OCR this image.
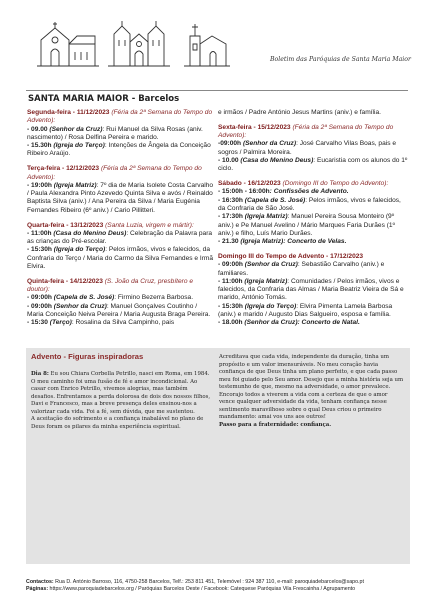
Boletim das Paróquias de Santa Maria Maior
SANTA MARIA MAIOR - Barcelos
Segunda-feira - 11/12/2023 (Féria da 2ª Semana do Tempo do Advento):
- 09.00 (Senhor da Cruz): Rui Manuel da Silva Rosas (aniv. nascimento) / Rosa Delfina Pereira e marido.
- 15.30h (Igreja do Terço): Intenções de Ângela da Conceição Ribeiro Araújo.
Terça-feira - 12/12/2023 (Féria da 2ª Semana do Tempo do Advento):
- 19:00h (Igreja Matriz): 7º dia de Maria Isolete Costa Carvalho / Paula Alexandra Pinto Azevedo Quinta Silva e avós / Reinaldo Baptista Silva (aniv.) / Ana Pereira da Silva / Maria Eugénia Fernandes Ribeiro (6º aniv.) / Cario Pillitteri.
Quarta-feira - 13/12/2023 (Santa Luzia, virgem e mártir):
- 11:00h (Casa do Menino Deus): Celebração da Palavra para as crianças do Pré-escolar.
- 15:30h (Igreja do Terço): Pelos irmãos, vivos e falecidos, da Confraria do Terço / Maria do Carmo da Silva Fernandes e Irmã Elvira.
Quinta-feira - 14/12/2023 (S. João da Cruz, presbítero e doutor):
- 09:00h (Capela de S. José): Firmino Bezerra Barbosa.
- 09:00h (Senhor da Cruz): Manuel Gonçalves Coutinho / Maria Conceição Neiva Pereira / Maria Augusta Braga Pereira.
- 15:30 (Terço): Rosalina da Silva Campinho, pais
e irmãos / Padre António Jesus Martins (aniv.) e família.
Sexta-feira - 15/12/2023 (Féria da 2ª Semana do Tempo do Advento):
-09:00h (Senhor da Cruz): José Carvalho Vilas Boas, pais e sogros / Palmira Moreira.
- 10.00 (Casa do Menino Deus): Eucaristia com os alunos do 1º ciclo.
Sábado - 16/12/2023 (Domingo III do Tempo do Advento):
- 15:00h - 16:00h: Confissões de Advento.
- 16:30h (Capela de S. José): Pelos irmãos, vivos e falecidos, da Confraria de São José.
- 17:30h (Igreja Matriz): Manuel Pereira Sousa Monteiro (9º aniv.) e Pe Manuel Avelino / Mário Marques Faria Durães (1º aniv.) e filho, Luís Mario Durães.
- 21.30 (Igreja Matriz): Concerto de Velas.
Domingo III do Tempo de Advento - 17/12/2023
- 09:00h (Senhor da Cruz): Sebastião Carvalho (aniv.) e familiares.
- 11:00h (Igreja Matriz): Comunidades / Pelos irmãos, vivos e falecidos, da Confraria das Almas / Maria Beatriz Vieira de Sá e marido, António Tomás.
- 15:30h (Igreja do Terço): Elvira Pimenta Lamela Barbosa (aniv.) e marido / Augusto Dias Salgueiro, esposa e família.
- 18.00h (Senhor da Cruz): Concerto de Natal.
Advento - Figuras inspiradoras
Dia 8: Eu sou Chiara Corbella Petrillo, nasci em Roma, em 1984. O meu caminho foi uma fusão de fé e amor incondicional. Ao casar com Enrico Petrillo, vivemos alegrias, mas também desafios. Enfrentamos a perda dolorosa de dois dos nossos filhos, Davi e Francesco, mas a breve presença deles ensinou-nos a valorizar cada vida. Foi a fé, sem dúvida, que me sustentou.
A aceitação do sofrimento e a confiança inabalável no plano de Deus foram os pilares da minha experiência espiritual.
Acreditava que cada vida, independente da duração, tinha um propósito e um valor imensuráveis. No meu coração havia confiança de que Deus tinha um plano perfeito, e que cada passo meu foi guiado pelo Seu amor. Desejo que a minha história seja um testemunho de que, mesmo na adversidade, o amor prevalece. Encorajo todos a viverem a vida com a certeza de que o amor vence qualquer adversidade da vida, tenham confiança nesse sentimento maravilhoso sobre o qual Deus criou o primeiro mandamento: amai vos uns aos outros!
Passo para a fraternidade: confiança.
Contactos: Rua D. António Barroso, 116, 4750-258 Barcelos, Telf.: 253 811 451, Telemóvel : 924 387 110, e-mail: paroquiadebarcelos@sapo.pt
Páginas: https://www.paroquiadebarcelos.org / Paróquias Barcelos Oeste / Facebook: Catequese Paróquias Vila Frescainha / Agrupamento
